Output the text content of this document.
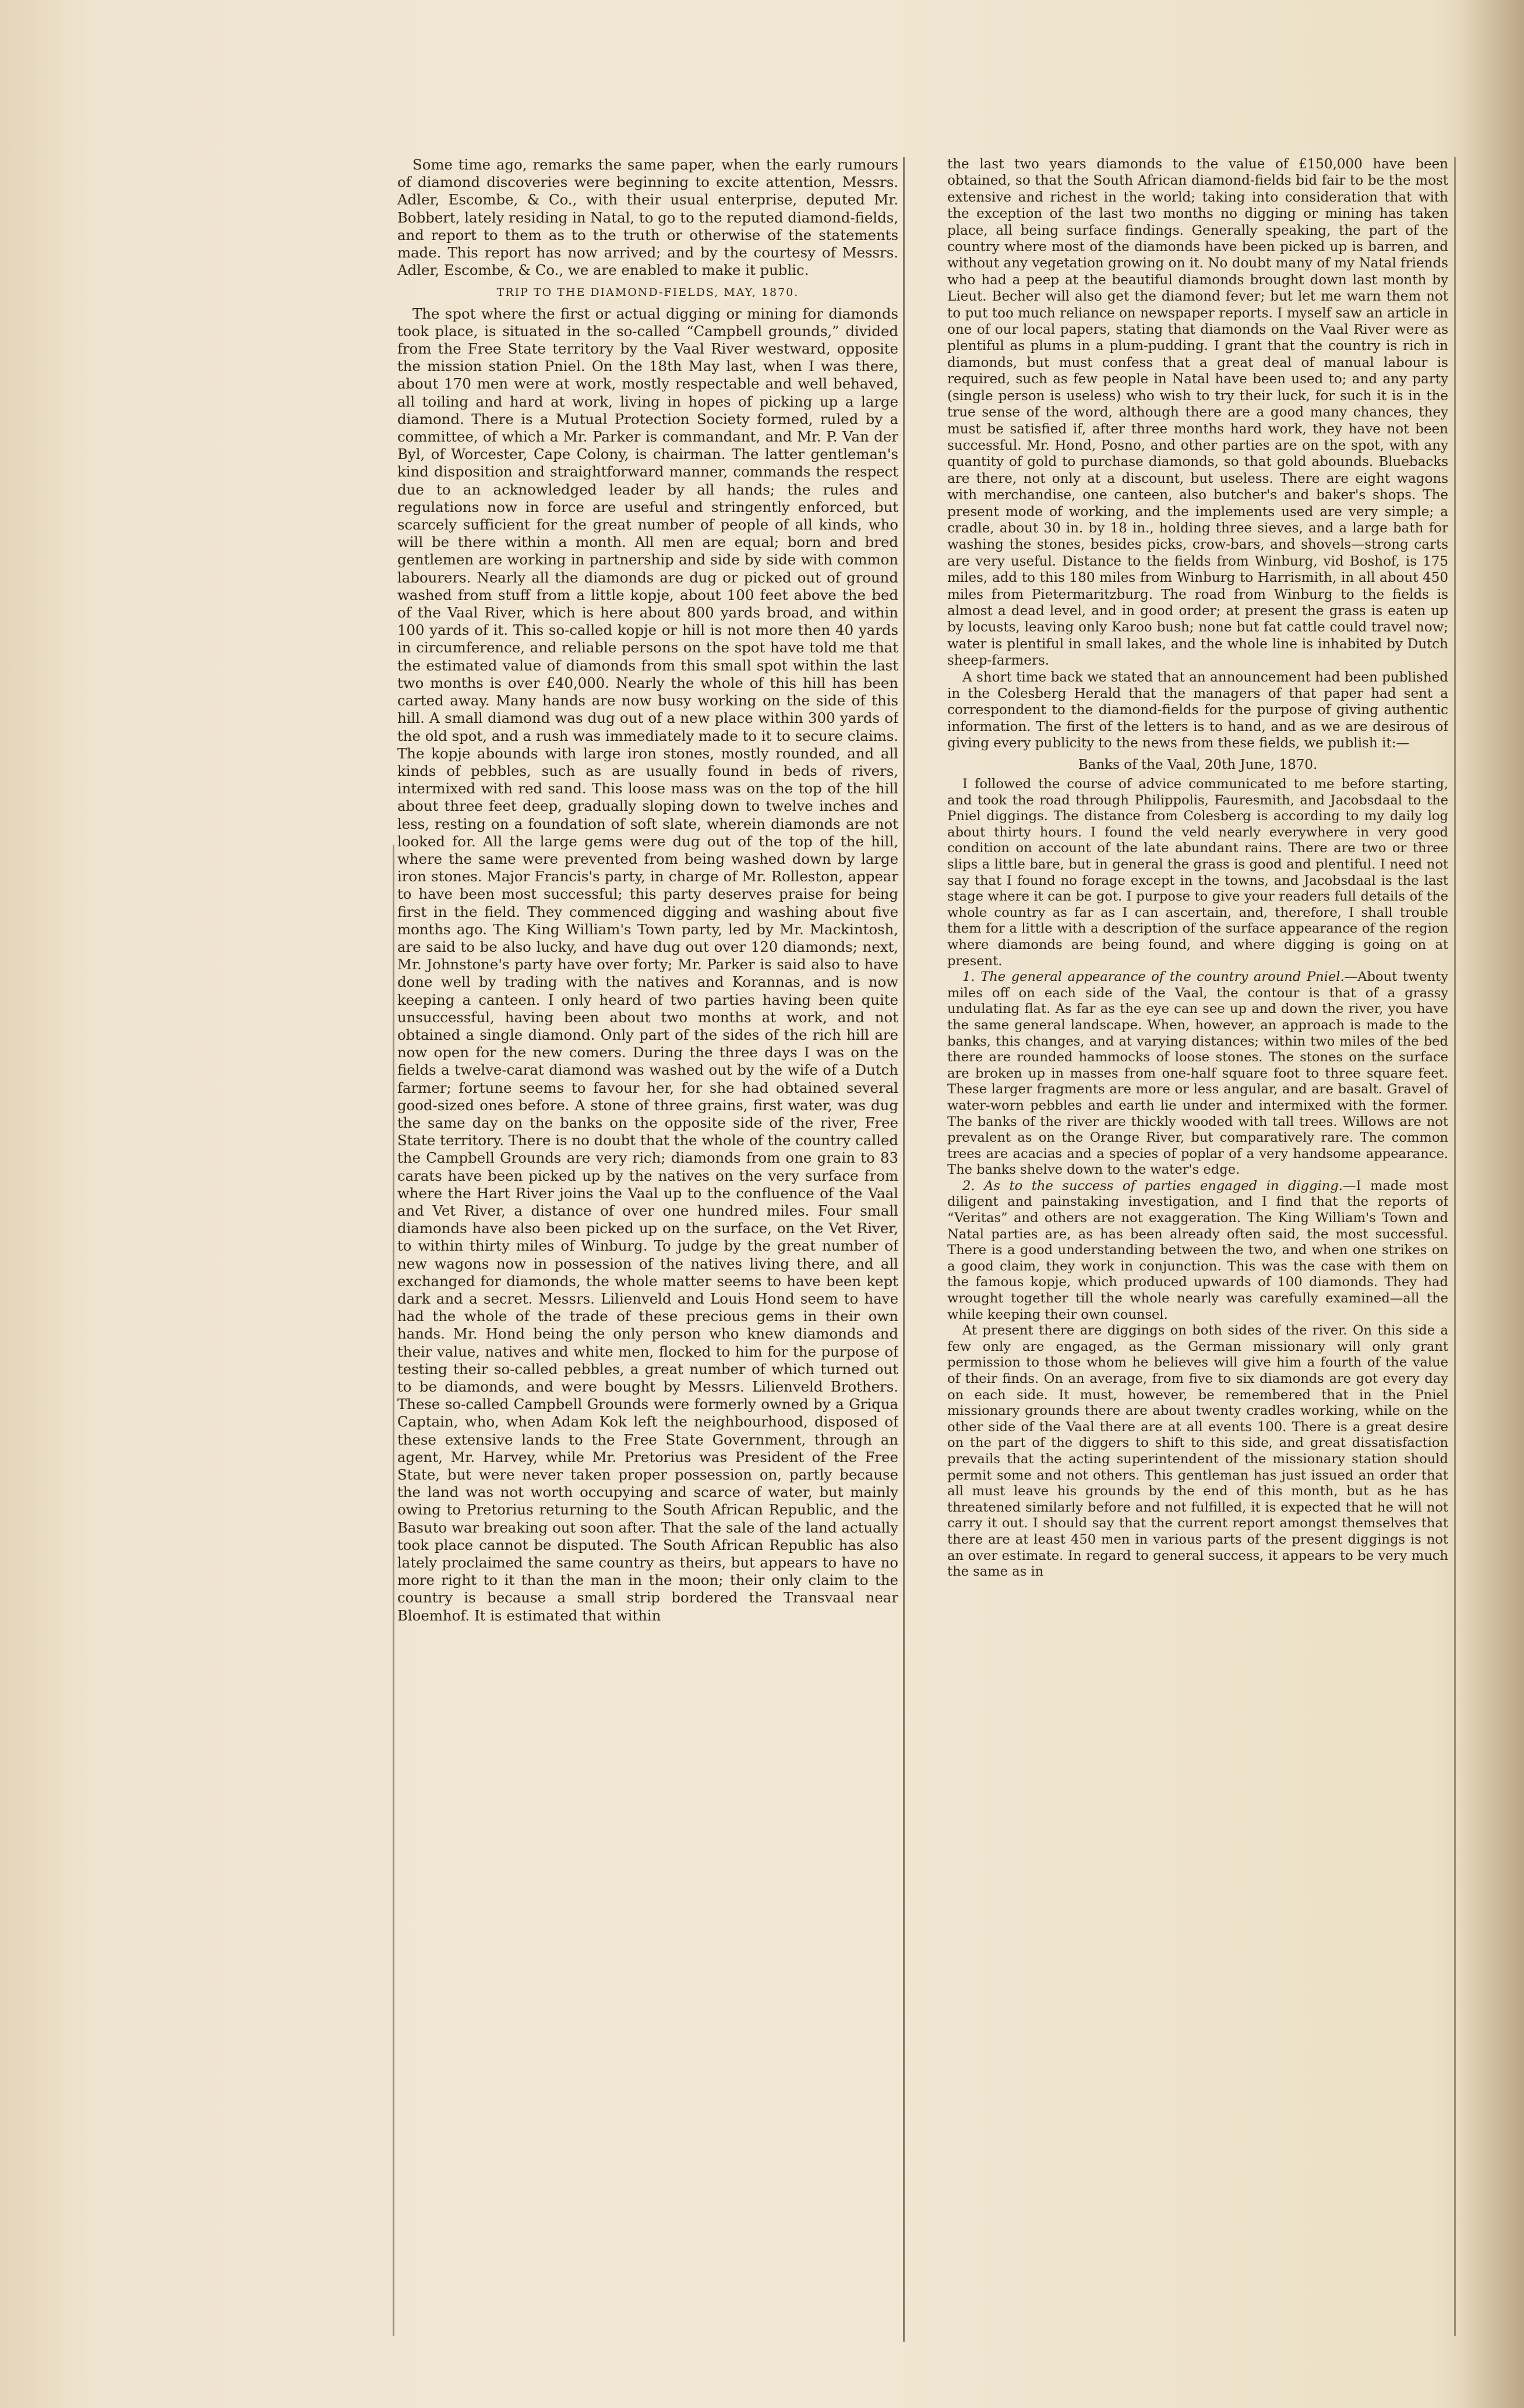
Some time ago, remarks the same paper, when the early rumours of diamond discoveries were beginning to excite attention, Messrs. Adler, Escombe, & Co., with their usual enterprise, deputed Mr. Bobbert, lately residing in Natal, to go to the reputed diamond-fields, and report to them as to the truth or otherwise of the statements made. This report has now arrived; and by the courtesy of Messrs. Adler, Escombe, & Co., we are enabled to make it public.

TRIP TO THE DIAMOND-FIELDS, MAY, 1870.

The spot where the first or actual digging or mining for diamonds took place, is situated in the so-called “Campbell grounds,” divided from the Free State territory by the Vaal River westward, opposite the mission station Pniel. On the 18th May last, when I was there, about 170 men were at work, mostly respectable and well behaved, all toiling and hard at work, living in hopes of picking up a large diamond. There is a Mutual Protection Society formed, ruled by a committee, of which a Mr. Parker is commandant, and Mr. P. Van der Byl, of Worcester, Cape Colony, is chairman. The latter gentleman's kind disposition and straightforward manner, commands the respect due to an acknowledged leader by all hands; the rules and regulations now in force are useful and stringently enforced, but scarcely sufficient for the great number of people of all kinds, who will be there within a month. All men are equal; born and bred gentlemen are working in partnership and side by side with common labourers. Nearly all the diamonds are dug or picked out of ground washed from stuff from a little kopje, about 100 feet above the bed of the Vaal River, which is here about 800 yards broad, and within 100 yards of it. This so-called kopje or hill is not more then 40 yards in circumference, and reliable persons on the spot have told me that the estimated value of diamonds from this small spot within the last two months is over £40,000. Nearly the whole of this hill has been carted away. Many hands are now busy working on the side of this hill. A small diamond was dug out of a new place within 300 yards of the old spot, and a rush was immediately made to it to secure claims. The kopje abounds with large iron stones, mostly rounded, and all kinds of pebbles, such as are usually found in beds of rivers, intermixed with red sand. This loose mass was on the top of the hill about three feet deep, gradually sloping down to twelve inches and less, resting on a foundation of soft slate, wherein diamonds are not looked for. All the large gems were dug out of the top of the hill, where the same were prevented from being washed down by large iron stones. Major Francis's party, in charge of Mr. Rolleston, appear to have been most successful; this party deserves praise for being first in the field. They commenced digging and washing about five months ago. The King William's Town party, led by Mr. Mackintosh, are said to be also lucky, and have dug out over 120 diamonds; next, Mr. Johnstone's party have over forty; Mr. Parker is said also to have done well by trading with the natives and Korannas, and is now keeping a canteen. I only heard of two parties having been quite unsuccessful, having been about two months at work, and not obtained a single diamond. Only part of the sides of the rich hill are now open for the new comers. During the three days I was on the fields a twelve-carat diamond was washed out by the wife of a Dutch farmer; fortune seems to favour her, for she had obtained several good-sized ones before. A stone of three grains, first water, was dug the same day on the banks on the opposite side of the river, Free State territory. There is no doubt that the whole of the country called the Campbell Grounds are very rich; diamonds from one grain to 83 carats have been picked up by the natives on the very surface from where the Hart River joins the Vaal up to the confluence of the Vaal and Vet River, a distance of over one hundred miles. Four small diamonds have also been picked up on the surface, on the Vet River, to within thirty miles of Winburg. To judge by the great number of new wagons now in possession of the natives living there, and all exchanged for diamonds, the whole matter seems to have been kept dark and a secret. Messrs. Lilienveld and Louis Hond seem to have had the whole of the trade of these precious gems in their own hands. Mr. Hond being the only person who knew diamonds and their value, natives and white men, flocked to him for the purpose of testing their so-called pebbles, a great number of which turned out to be diamonds, and were bought by Messrs. Lilienveld Brothers. These so-called Campbell Grounds were formerly owned by a Griqua Captain, who, when Adam Kok left the neighbourhood, disposed of these extensive lands to the Free State Government, through an agent, Mr. Harvey, while Mr. Pretorius was President of the Free State, but were never taken proper possession on, partly because the land was not worth occupying and scarce of water, but mainly owing to Pretorius returning to the South African Republic, and the Basuto war breaking out soon after. That the sale of the land actually took place cannot be disputed. The South African Republic has also lately proclaimed the same country as theirs, but appears to have no more right to it than the man in the moon; their only claim to the country is because a small strip bordered the Transvaal near Bloemhof. It is estimated that within

the last two years diamonds to the value of £150,000 have been obtained, so that the South African diamond-fields bid fair to be the most extensive and richest in the world; taking into consideration that with the exception of the last two months no digging or mining has taken place, all being surface findings. Generally speaking, the part of the country where most of the diamonds have been picked up is barren, and without any vegetation growing on it. No doubt many of my Natal friends who had a peep at the beautiful diamonds brought down last month by Lieut. Becher will also get the diamond fever; but let me warn them not to put too much reliance on newspaper reports. I myself saw an article in one of our local papers, stating that diamonds on the Vaal River were as plentiful as plums in a plum-pudding. I grant that the country is rich in diamonds, but must confess that a great deal of manual labour is required, such as few people in Natal have been used to; and any party (single person is useless) who wish to try their luck, for such it is in the true sense of the word, although there are a good many chances, they must be satisfied if, after three months hard work, they have not been successful. Mr. Hond, Posno, and other parties are on the spot, with any quantity of gold to purchase diamonds, so that gold abounds. Bluebacks are there, not only at a discount, but useless. There are eight wagons with merchandise, one canteen, also butcher's and baker's shops. The present mode of working, and the implements used are very simple; a cradle, about 30 in. by 18 in., holding three sieves, and a large bath for washing the stones, besides picks, crow-bars, and shovels—strong carts are very useful. Distance to the fields from Winburg, vid Boshof, is 175 miles, add to this 180 miles from Winburg to Harrismith, in all about 450 miles from Pietermaritzburg. The road from Winburg to the fields is almost a dead level, and in good order; at present the grass is eaten up by locusts, leaving only Karoo bush; none but fat cattle could travel now; water is plentiful in small lakes, and the whole line is inhabited by Dutch sheep-farmers.

A short time back we stated that an announcement had been published in the Colesberg Herald that the managers of that paper had sent a correspondent to the diamond-fields for the purpose of giving authentic information. The first of the letters is to hand, and as we are desirous of giving every publicity to the news from these fields, we publish it:—

Banks of the Vaal, 20th June, 1870.

I followed the course of advice communicated to me before starting, and took the road through Philippolis, Fauresmith, and Jacobsdaal to the Pniel diggings. The distance from Colesberg is according to my daily log about thirty hours. I found the veld nearly everywhere in very good condition on account of the late abundant rains. There are two or three slips a little bare, but in general the grass is good and plentiful. I need not say that I found no forage except in the towns, and Jacobsdaal is the last stage where it can be got. I purpose to give your readers full details of the whole country as far as I can ascertain, and, therefore, I shall trouble them for a little with a description of the surface appearance of the region where diamonds are being found, and where digging is going on at present.

1. The general appearance of the country around Pniel.—About twenty miles off on each side of the Vaal, the contour is that of a grassy undulating flat. As far as the eye can see up and down the river, you have the same general landscape. When, however, an approach is made to the banks, this changes, and at varying distances; within two miles of the bed there are rounded hammocks of loose stones. The stones on the surface are broken up in masses from one-half square foot to three square feet. These larger fragments are more or less angular, and are basalt. Gravel of water-worn pebbles and earth lie under and intermixed with the former. The banks of the river are thickly wooded with tall trees. Willows are not prevalent as on the Orange River, but comparatively rare. The common trees are acacias and a species of poplar of a very handsome appearance. The banks shelve down to the water's edge.

2. As to the success of parties engaged in digging.—I made most diligent and painstaking investigation, and I find that the reports of “Veritas” and others are not exaggeration. The King William's Town and Natal parties are, as has been already often said, the most successful. There is a good understanding between the two, and when one strikes on a good claim, they work in conjunction. This was the case with them on the famous kopje, which produced upwards of 100 diamonds. They had wrought together till the whole nearly was carefully examined—all the while keeping their own counsel.

At present there are diggings on both sides of the river. On this side a few only are engaged, as the German missionary will only grant permission to those whom he believes will give him a fourth of the value of their finds. On an average, from five to six diamonds are got every day on each side. It must, however, be remembered that in the Pniel missionary grounds there are about twenty cradles working, while on the other side of the Vaal there are at all events 100. There is a great desire on the part of the diggers to shift to this side, and great dissatisfaction prevails that the acting superintendent of the missionary station should permit some and not others. This gentleman has just issued an order that all must leave his grounds by the end of this month, but as he has threatened similarly before and not fulfilled, it is expected that he will not carry it out. I should say that the current report amongst themselves that there are at least 450 men in various parts of the present diggings is not an over estimate. In regard to general success, it appears to be very much the same as in
